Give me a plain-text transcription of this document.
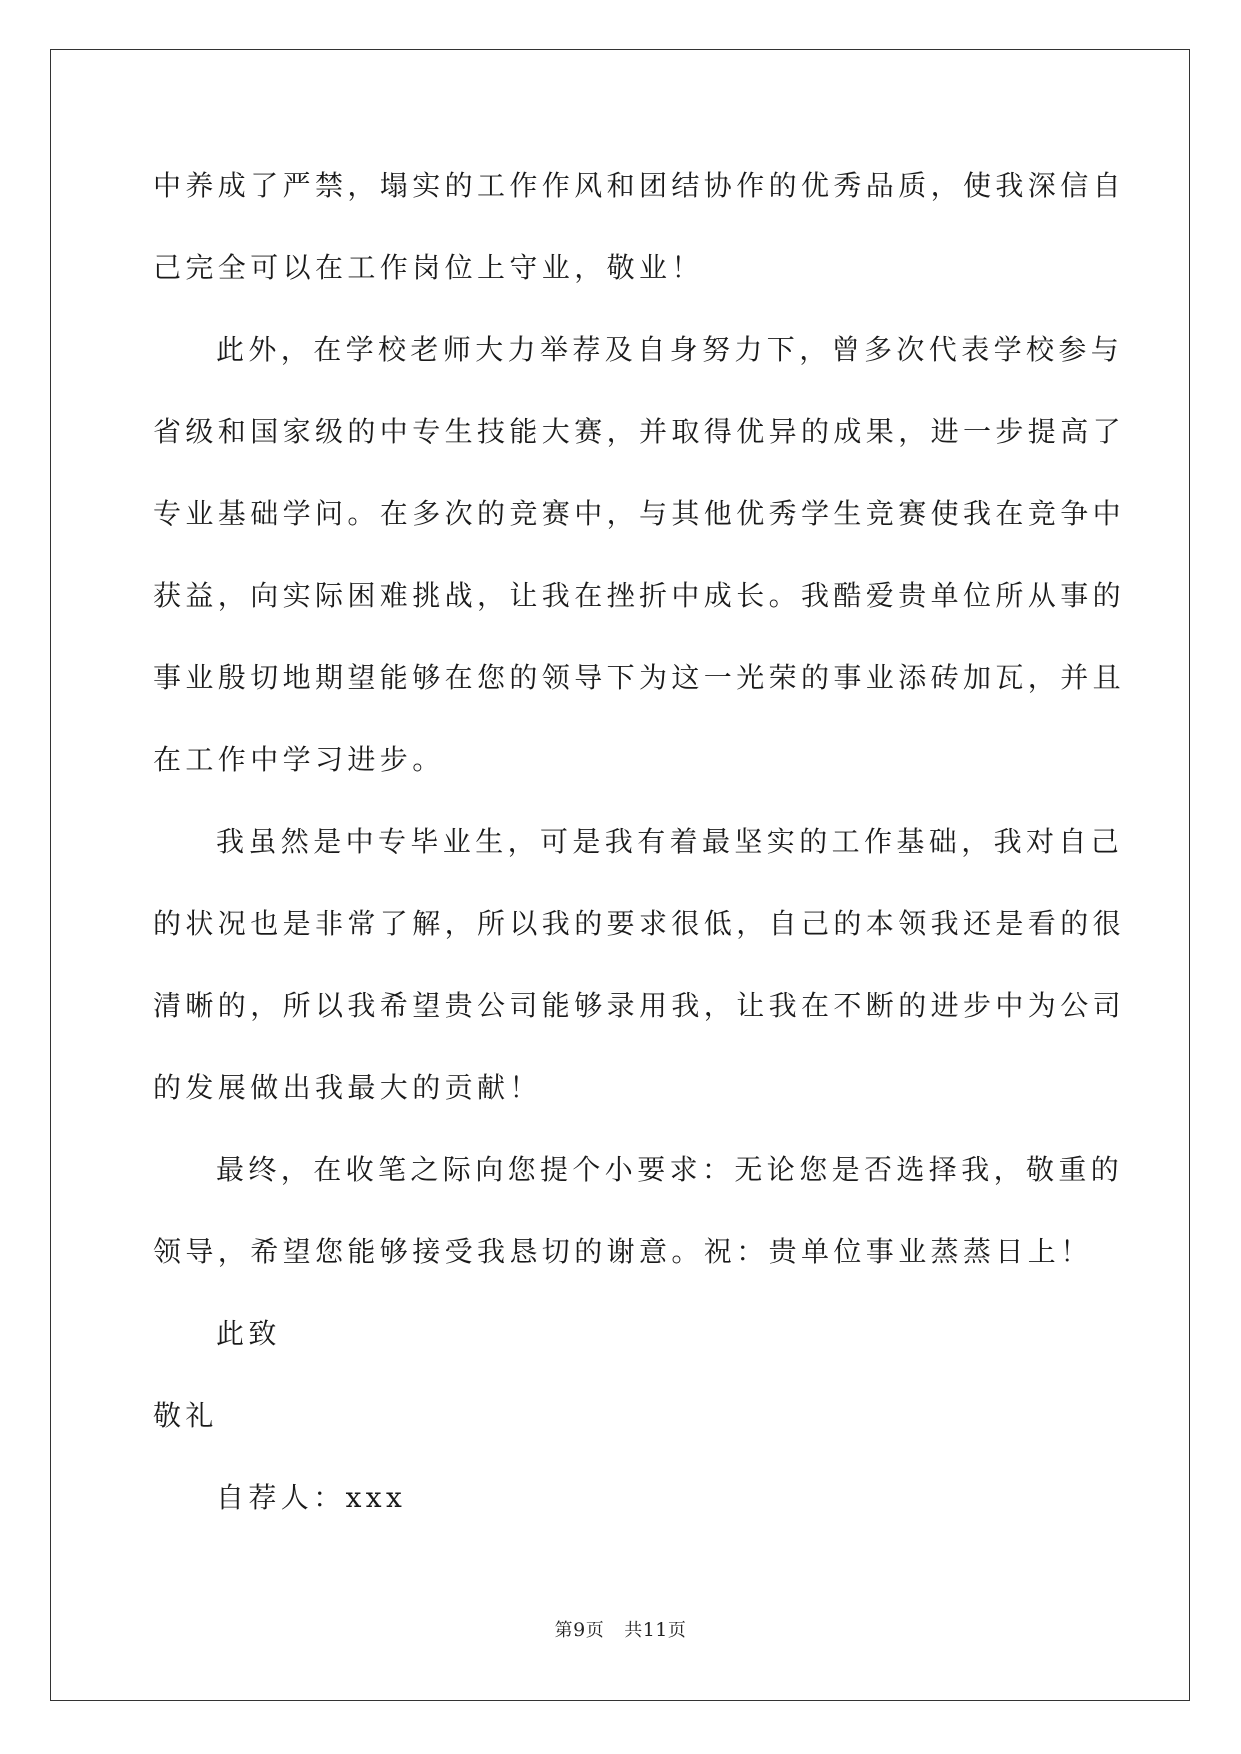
中养成了严禁，塌实的工作作风和团结协作的优秀品质，使我深信自
己完全可以在工作岗位上守业，敬业！
此外，在学校老师大力举荐及自身努力下，曾多次代表学校参与
省级和国家级的中专生技能大赛，并取得优异的成果，进一步提高了
专业基础学问。在多次的竞赛中，与其他优秀学生竞赛使我在竞争中
获益，向实际困难挑战，让我在挫折中成长。我酷爱贵单位所从事的
事业殷切地期望能够在您的领导下为这一光荣的事业添砖加瓦，并且
在工作中学习进步。
我虽然是中专毕业生，可是我有着最坚实的工作基础，我对自己
的状况也是非常了解，所以我的要求很低，自己的本领我还是看的很
清晰的，所以我希望贵公司能够录用我，让我在不断的进步中为公司
的发展做出我最大的贡献！
最终，在收笔之际向您提个小要求：无论您是否选择我，敬重的
领导，希望您能够接受我恳切的谢意。祝：贵单位事业蒸蒸日上！
此致
敬礼
自荐人：xxx
第9页 共11页
